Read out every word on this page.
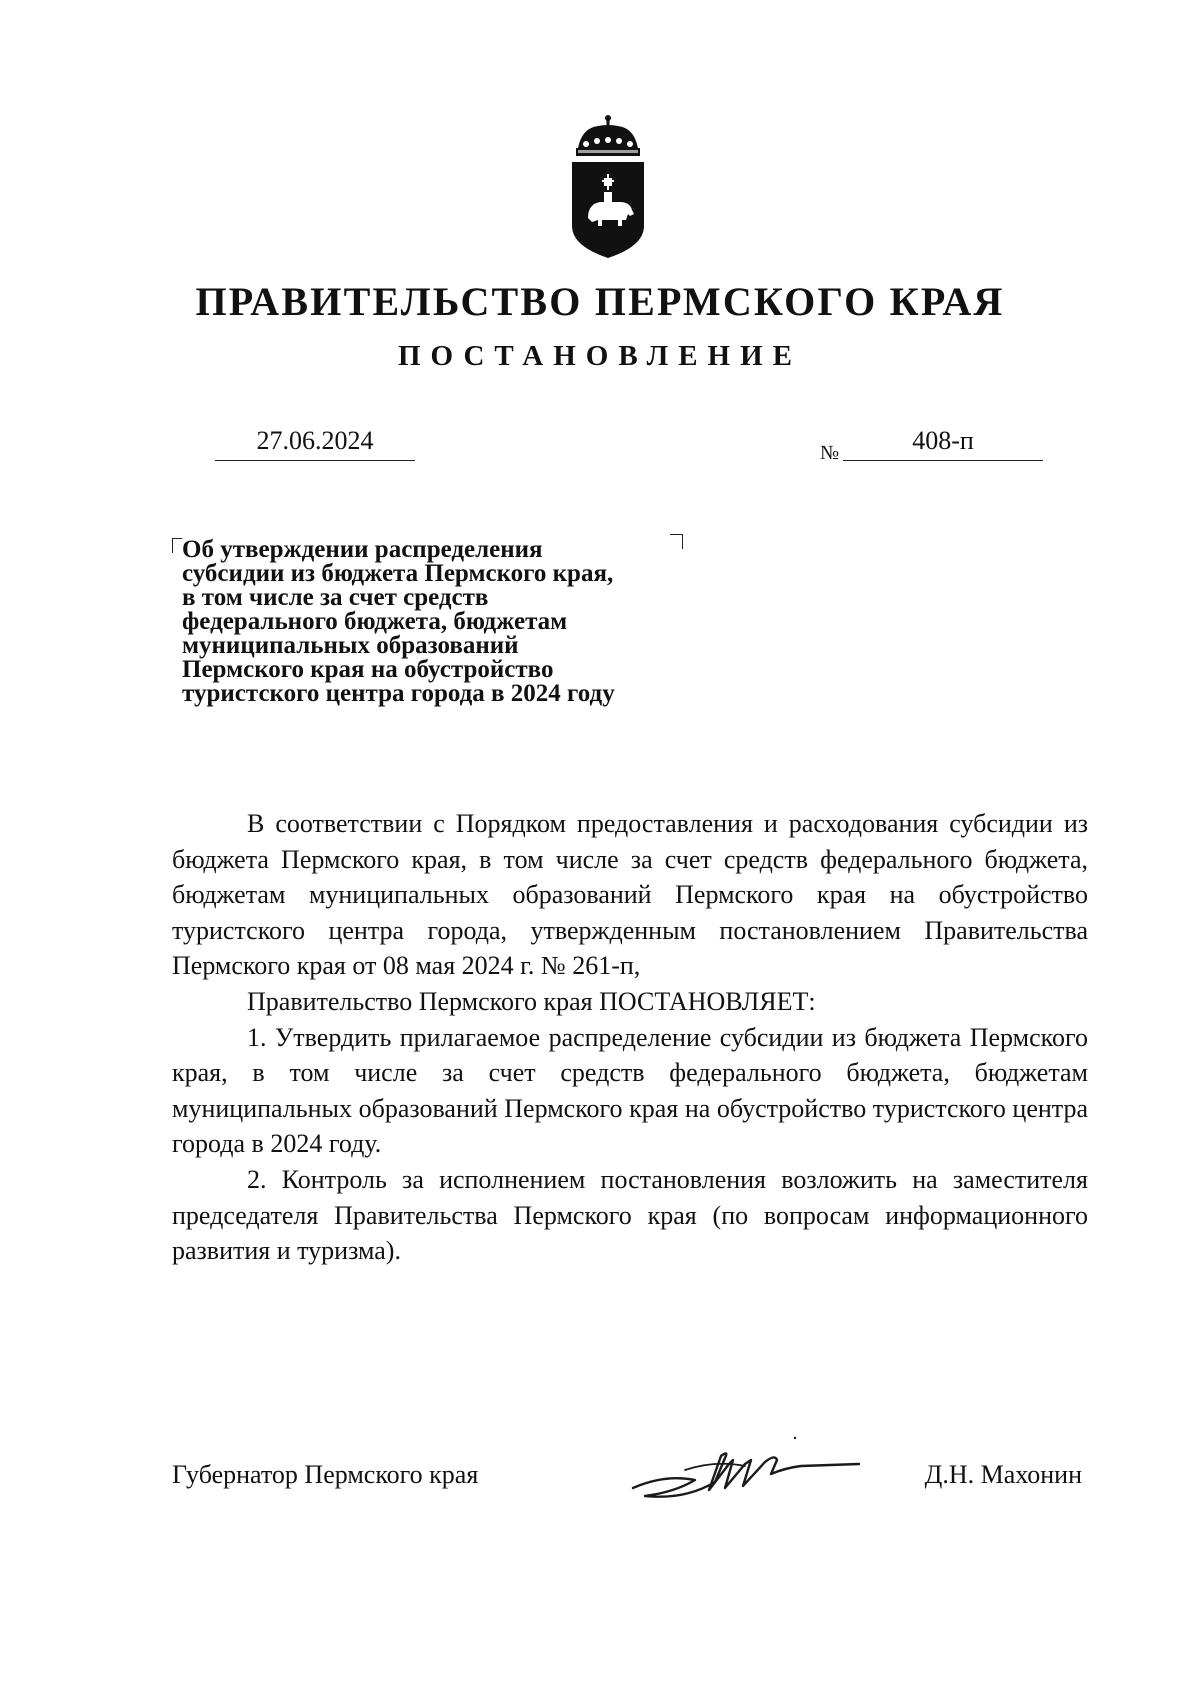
ПРАВИТЕЛЬСТВО ПЕРМСКОГО КРАЯ
ПОСТАНОВЛЕНИЕ
27.06.2024	№	408-п
Об утверждении распределения
субсидии из бюджета Пермского края,
в том числе за счет средств
федерального бюджета, бюджетам
муниципальных образований
Пермского края на обустройство
туристского центра города в 2024 году

В соответствии с Порядком предоставления и расходования субсидии из бюджета Пермского края, в том числе за счет средств федерального бюджета, бюджетам муниципальных образований Пермского края на обустройство туристского центра города, утвержденным постановлением Правительства Пермского края от 08 мая 2024 г. № 261-п,

Правительство Пермского края ПОСТАНОВЛЯЕТ:

1. Утвердить прилагаемое распределение субсидии из бюджета Пермского края, в том числе за счет средств федерального бюджета, бюджетам муниципальных образований Пермского края на обустройство туристского центра города в 2024 году.

2. Контроль за исполнением постановления возложить на заместителя председателя Правительства Пермского края (по вопросам информационного развития и туризма).

Губернатор Пермского края	Д.Н. Махонин
